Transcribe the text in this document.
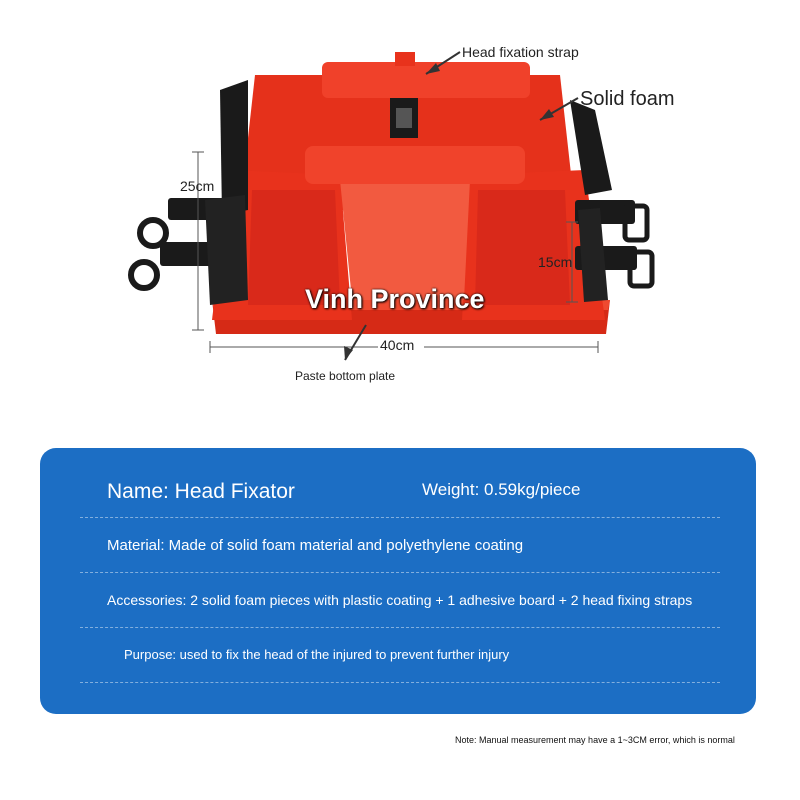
Head fixation strap
Solid foam
25cm
15cm
40cm
Paste bottom plate
Vinh Province
Name: Head Fixator	Weight: 0.59kg/piece
Material: Made of solid foam material and polyethylene coating
Accessories: 2 solid foam pieces with plastic coating + 1 adhesive board + 2 head fixing straps
Purpose: used to fix the head of the injured to prevent further injury
Note: Manual measurement may have a 1~3CM error, which is normal
